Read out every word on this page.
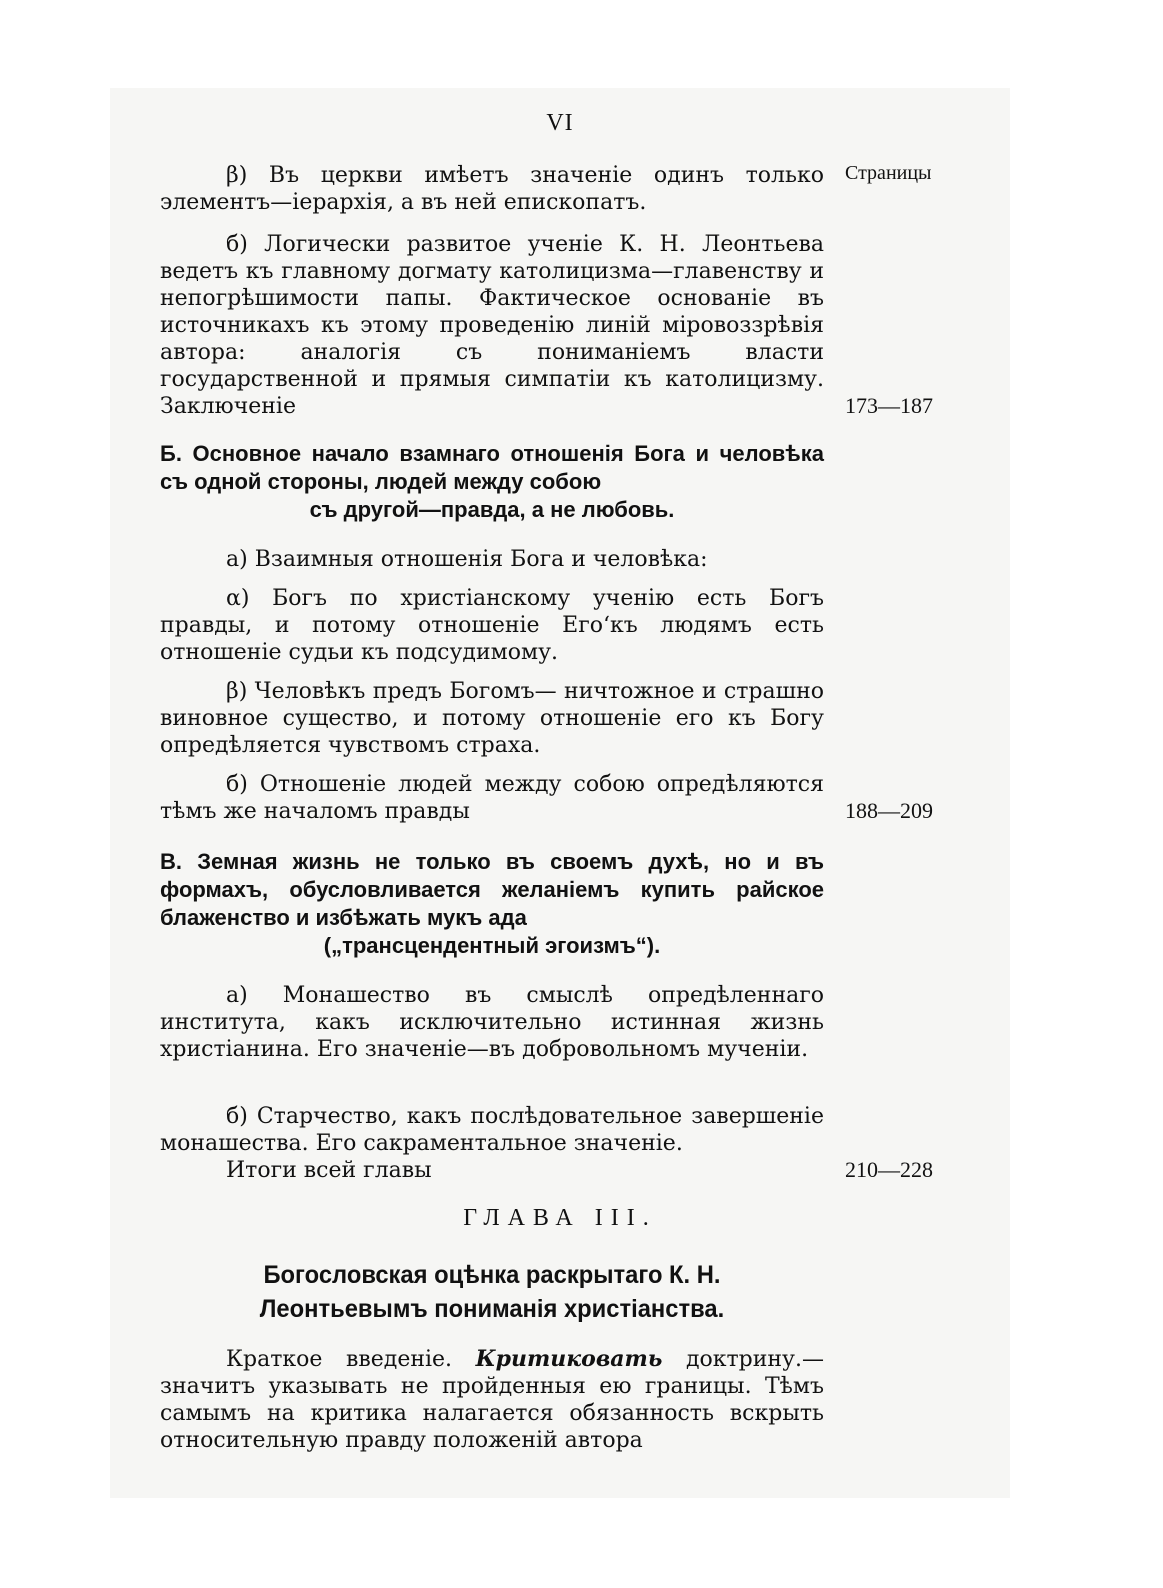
VI
Страницы

β) Въ церкви имѣетъ значеніе одинъ только элементъ—іерархія, а въ ней епископатъ.

б) Логически развитое ученіе К. Н. Леонтьева ведетъ къ главному догмату католицизма—главенству и непогрѣшимости папы. Фактическое основаніе въ источникахъ къ этому проведенію линій міровоззрѣвія автора: аналогія съ пониманіемъ власти государственной и прямыя симпатіи къ католицизму. Заключеніе	173—187
Б. Основное начало взамнаго отношенія Бога и человѣка съ одной стороны, людей между собою
съ другой—правда, а не любовь.

а) Взаимныя отношенія Бога и человѣка:

α) Богъ по христіанскому ученію есть Богъ правды, и потому отношеніе Его‘къ людямъ есть отношеніе судьи къ подсудимому.

β) Человѣкъ предъ Богомъ— ничтожное и страшно виновное существо, и потому отношеніе его къ Богу опредѣляется чувствомъ страха.

б) Отношеніе людей между собою опредѣляются тѣмъ же началомъ правды	188—209
В. Земная жизнь не только въ своемъ духѣ, но и въ формахъ, обусловливается желаніемъ купить райское блаженство и избѣжать мукъ ада
(„трансцендентный эгоизмъ“).

а) Монашество въ смыслѣ опредѣленнаго института, какъ исключительно истинная жизнь христіанина. Его значеніе—въ добровольномъ мученіи.

б) Старчество, какъ послѣдовательное завершеніе монашества. Его сакраментальное значеніе.

Итоги всей главы	210—228
ГЛАВА III.
Богословская оцѣнка раскрытаго К. Н. Леонтьевымъ пониманія христіанства.

Краткое введеніе. Критиковать доктрину.—значитъ указывать не пройденныя ею границы. Тѣмъ самымъ на критика налагается обязанность вскрыть относительную правду положеній автора
